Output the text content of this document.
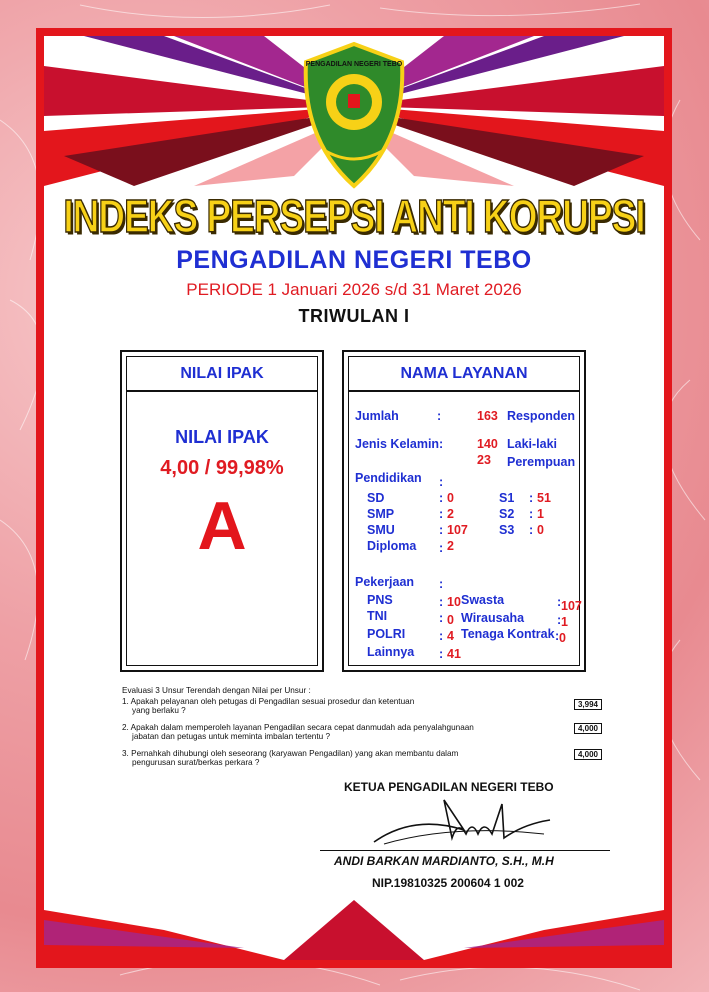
PENGADILAN NEGERI TEBO
INDEKS PERSEPSI ANTI KORUPSI
PENGADILAN NEGERI TEBO
PERIODE 1 Januari 2026 s/d 31 Maret 2026
TRIWULAN I
NILAI IPAK
NILAI IPAK
4,00 / 99,98%
A
NAMA LAYANAN
Jumlah	:	163 Responden
Jenis Kelamin :	140 Laki-laki
23 Perempuan
Pendidikan :
SD	: 0
SMP	: 2
SMU	: 107
Diploma : 2
S1 : 51
S2 : 1
S3 : 0
Pekerjaan :
PNS	: 10
TNI	: 0
POLRI	: 4
Lainnya : 41
Swasta	: 107
Wirausaha	: 1
Tenaga Kontrak : 0
Evaluasi 3 Unsur Terendah dengan Nilai per Unsur :
1. Apakah pelayanan oleh petugas di Pengadilan sesuai prosedur dan ketentuan
yang berlaku ?
3,994
2. Apakah dalam memperoleh layanan Pengadilan secara cepat danmudah ada penyalahgunaan
jabatan dan petugas untuk meminta imbalan tertentu ?
4,000
3. Pernahkah dihubungi oleh seseorang (karyawan Pengadilan) yang akan membantu dalam
pengurusan surat/berkas perkara ?
4,000
KETUA PENGADILAN NEGERI TEBO
ANDI BARKAN MARDIANTO, S.H., M.H
NIP.19810325 200604 1 002
